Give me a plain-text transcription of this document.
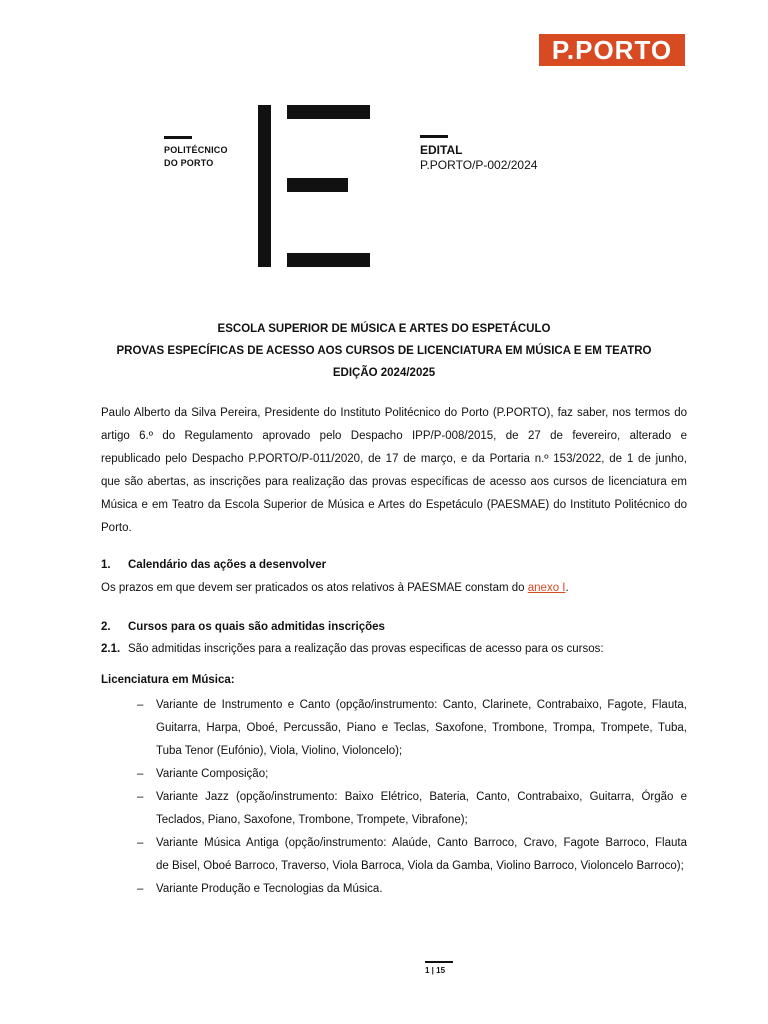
P.PORTO
POLITÉCNICO
DO PORTO
EDITAL
P.PORTO/P-002/2024
ESCOLA SUPERIOR DE MÚSICA E ARTES DO ESPETÁCULO
PROVAS ESPECÍFICAS DE ACESSO AOS CURSOS DE LICENCIATURA EM MÚSICA E EM TEATRO
EDIÇÃO 2024/2025
Paulo Alberto da Silva Pereira, Presidente do Instituto Politécnico do Porto (P.PORTO), faz saber, nos termos do
artigo 6.º do Regulamento aprovado pelo Despacho IPP/P-008/2015, de 27 de fevereiro, alterado e
republicado pelo Despacho P.PORTO/P-011/2020, de 17 de março, e da Portaria n.º 153/2022, de 1 de junho,
que são abertas, as inscrições para realização das provas específicas de acesso aos cursos de licenciatura em
Música e em Teatro da Escola Superior de Música e Artes do Espetáculo (PAESMAE) do Instituto Politécnico do
Porto.
1. Calendário das ações a desenvolver
Os prazos em que devem ser praticados os atos relativos à PAESMAE constam do anexo I.
2. Cursos para os quais são admitidas inscrições
2.1. São admitidas inscrições para a realização das provas especificas de acesso para os cursos:
Licenciatura em Música:
– Variante de Instrumento e Canto (opção/instrumento: Canto, Clarinete, Contrabaixo, Fagote, Flauta,
Guitarra, Harpa, Oboé, Percussão, Piano e Teclas, Saxofone, Trombone, Trompa, Trompete, Tuba,
Tuba Tenor (Eufónio), Viola, Violino, Violoncelo);
– Variante Composição;
– Variante Jazz (opção/instrumento: Baixo Elétrico, Bateria, Canto, Contrabaixo, Guitarra, Órgão e
Teclados, Piano, Saxofone, Trombone, Trompete, Vibrafone);
– Variante Música Antiga (opção/instrumento: Alaúde, Canto Barroco, Cravo, Fagote Barroco, Flauta
de Bisel, Oboé Barroco, Traverso, Viola Barroca, Viola da Gamba, Violino Barroco, Violoncelo Barroco);
– Variante Produção e Tecnologias da Música.
1 | 15
